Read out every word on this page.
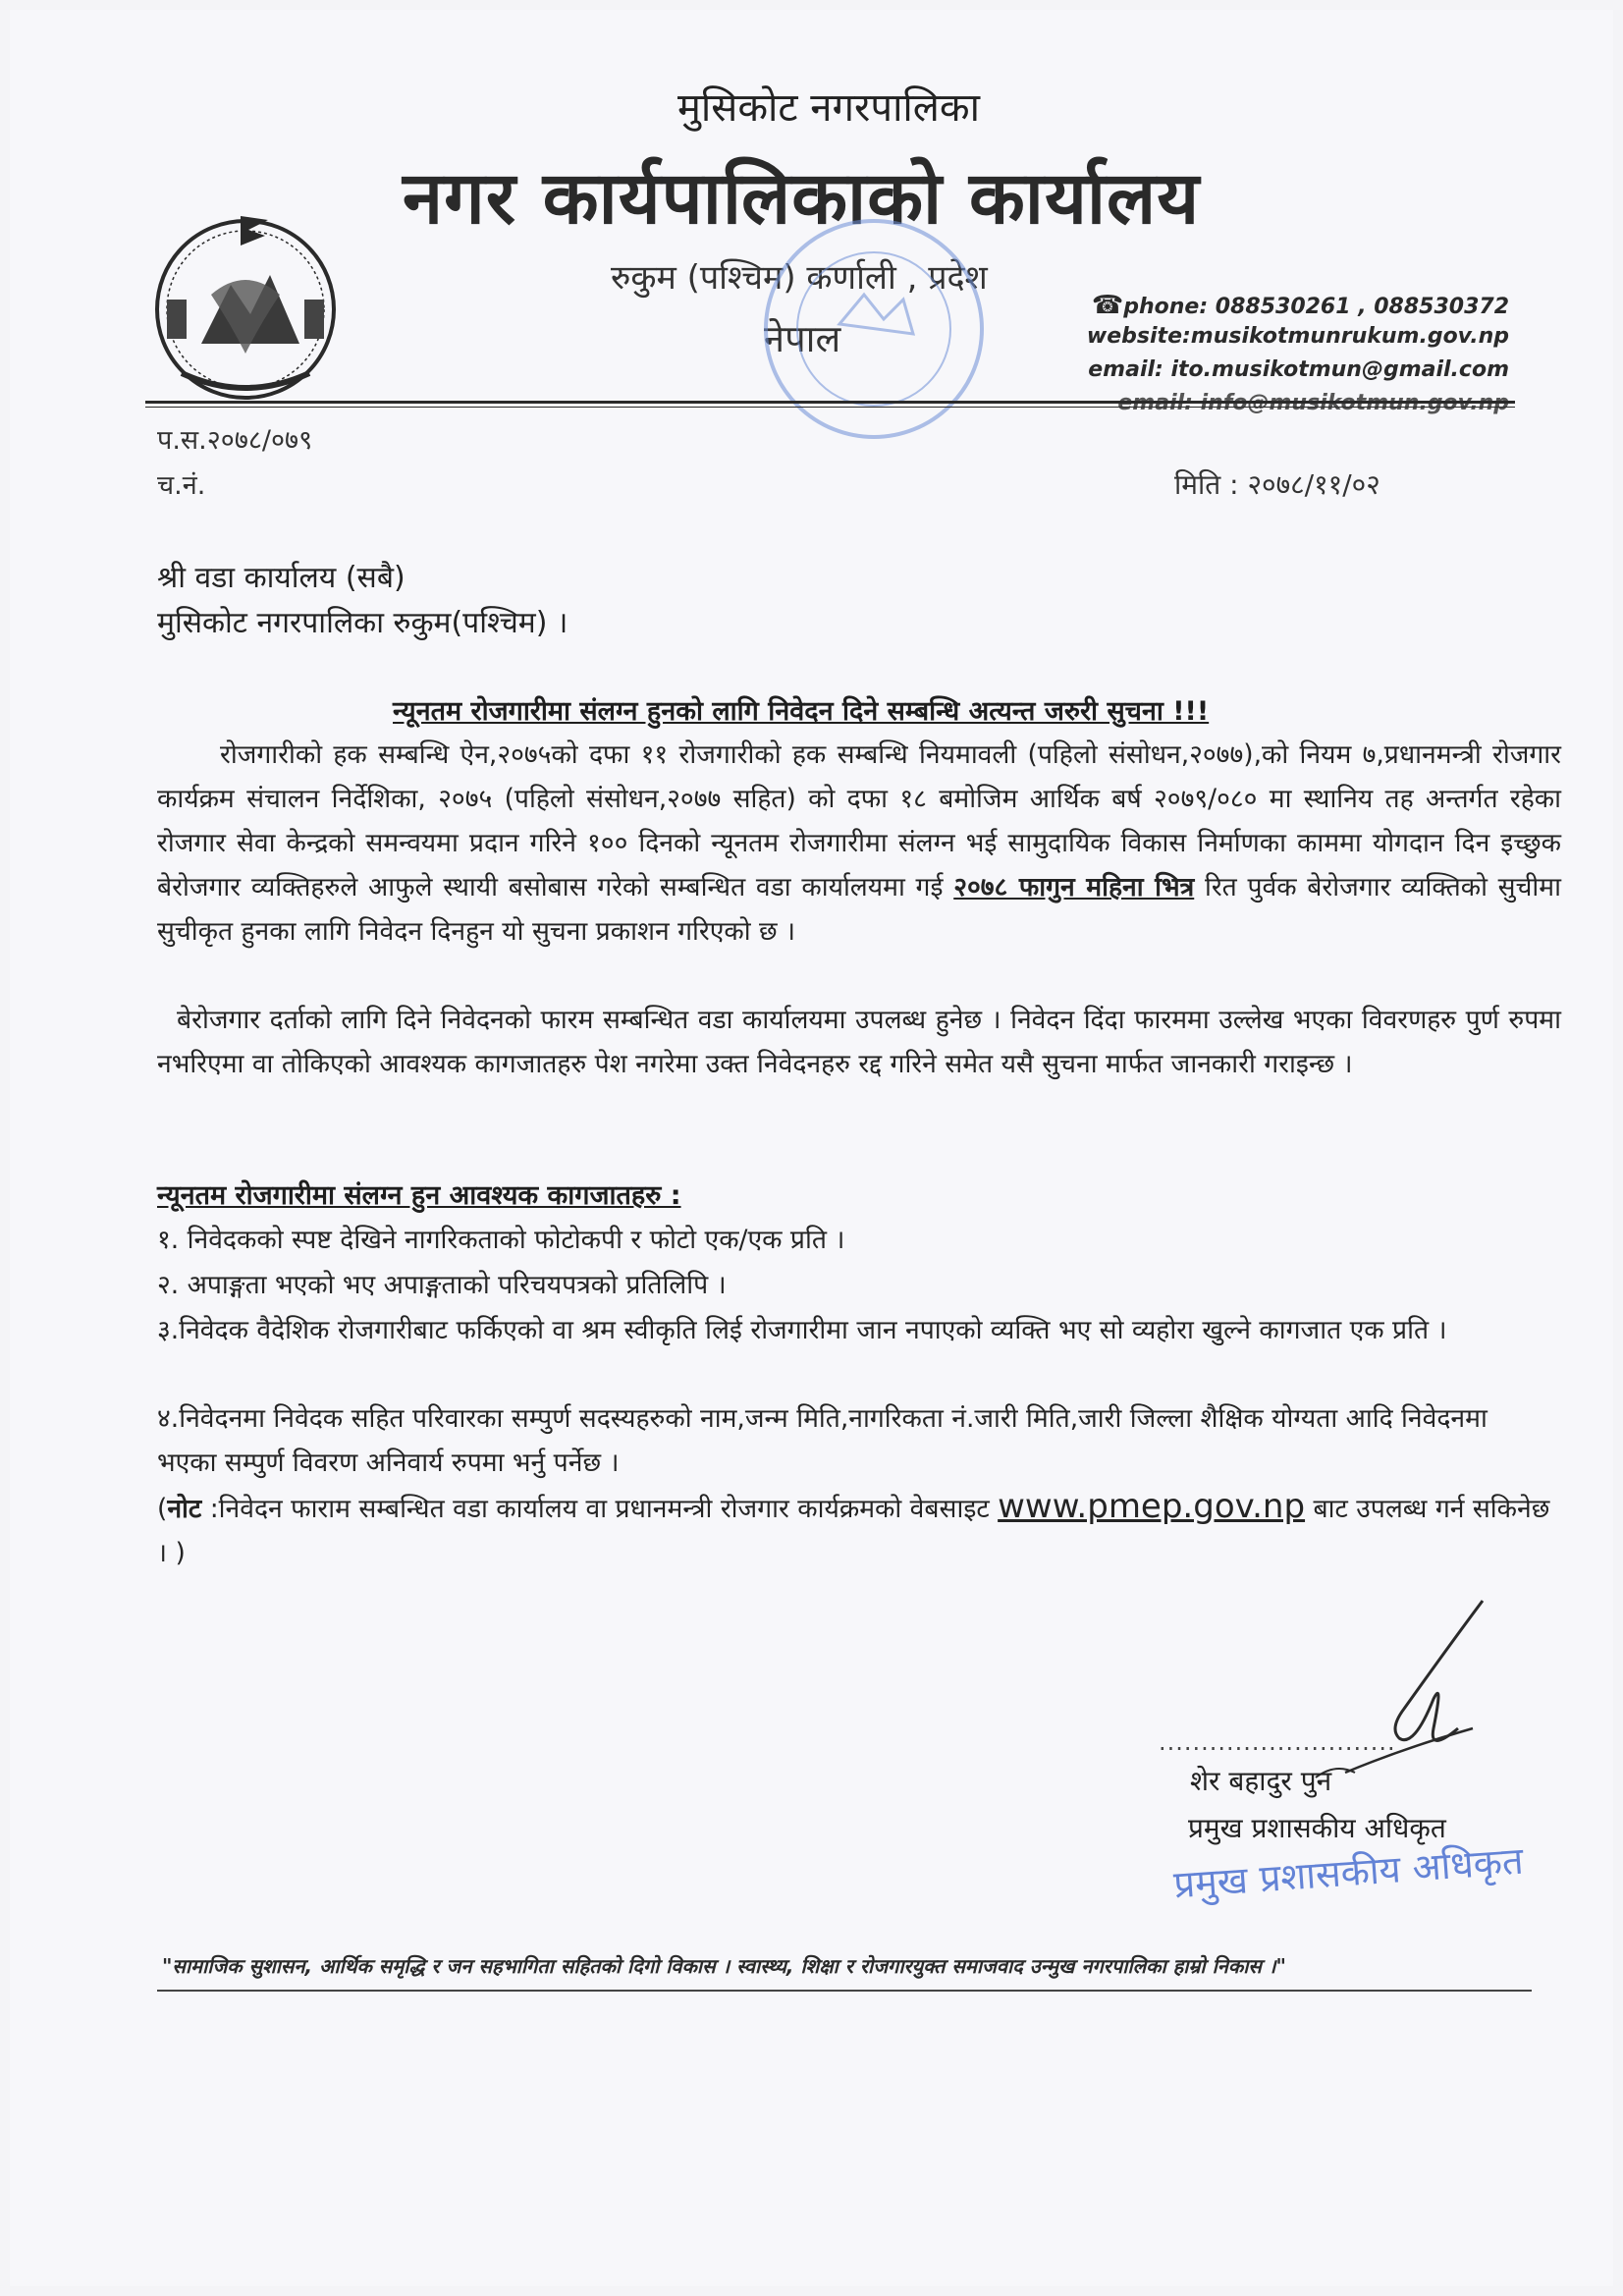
मुसिकोट नगरपालिका
नगर कार्यपालिकाको कार्यालय
रुकुम (पश्चिम) कर्णाली , प्रदेश
नेपाल
☎phone: 088530261 , 088530372
website:musikotmunrukum.gov.np
email: ito.musikotmun@gmail.com
प.स.२०७८/०७९
च.नं.	मिति : २०७८/११/०२
श्री वडा कार्यालय (सबै)
मुसिकोट नगरपालिका रुकुम(पश्चिम) ।
न्यूनतम रोजगारीमा संलग्न हुनको लागि निवेदन दिने सम्बन्धि अत्यन्त जरुरी सुचना !!!
रोजगारीको हक सम्बन्धि ऐन,२०७५को दफा ११ रोजगारीको हक सम्बन्धि नियमावली (पहिलो संसोधन,२०७७),को नियम ७,प्रधानमन्त्री रोजगार कार्यक्रम संचालन निर्देशिका, २०७५ (पहिलो संसोधन,२०७७ सहित) को दफा १८ बमोजिम आर्थिक बर्ष २०७९/०८० मा स्थानिय तह अन्तर्गत रहेका रोजगार सेवा केन्द्रको समन्वयमा प्रदान गरिने १०० दिनको न्यूनतम रोजगारीमा संलग्न भई सामुदायिक विकास निर्माणका काममा योगदान दिन इच्छुक बेरोजगार व्यक्तिहरुले आफुले स्थायी बसोबास गरेको सम्बन्धित वडा कार्यालयमा गई २०७८ फागुन महिना भित्र रित पुर्वक बेरोजगार व्यक्तिको सुचीमा सुचीकृत हुनका लागि निवेदन दिनहुन यो सुचना प्रकाशन गरिएको छ ।
बेरोजगार दर्ताको लागि दिने निवेदनको फारम सम्बन्धित वडा कार्यालयमा उपलब्ध हुनेछ । निवेदन दिंदा फारममा उल्लेख भएका विवरणहरु पुर्ण रुपमा नभरिएमा वा तोकिएको आवश्यक कागजातहरु पेश नगरेमा उक्त निवेदनहरु रद्द गरिने समेत यसै सुचना मार्फत जानकारी गराइन्छ ।
न्यूनतम रोजगारीमा संलग्न हुन आवश्यक कागजातहरु :
१. निवेदकको स्पष्ट देखिने नागरिकताको फोटोकपी र फोटो एक/एक प्रति ।
२. अपाङ्गता भएको भए अपाङ्गताको परिचयपत्रको प्रतिलिपि ।
३.निवेदक वैदेशिक रोजगारीबाट फर्किएको वा श्रम स्वीकृति लिई रोजगारीमा जान नपाएको व्यक्ति भए सो व्यहोरा खुल्ने कागजात एक प्रति ।
४.निवेदनमा निवेदक सहित परिवारका सम्पुर्ण सदस्यहरुको नाम,जन्म मिति,नागरिकता नं.जारी मिति,जारी जिल्ला शैक्षिक योग्यता आदि निवेदनमा भएका सम्पुर्ण विवरण अनिवार्य रुपमा भर्नु पर्नेछ ।
(नोट :निवेदन फाराम सम्बन्धित वडा कार्यालय वा प्रधानमन्त्री रोजगार कार्यक्रमको वेबसाइट www.pmep.gov.np बाट उपलब्ध गर्न सकिनेछ । )
............................
शेर बहादुर पुन
प्रमुख प्रशासकीय अधिकृत
प्रमुख प्रशासकीय अधिकृत
"सामाजिक सुशासन, आर्थिक समृद्धि र जन सहभागिता सहितको दिगो विकास । स्वास्थ्य, शिक्षा र रोजगारयुक्त समाजवाद उन्मुख नगरपालिका हाम्रो निकास ।"
